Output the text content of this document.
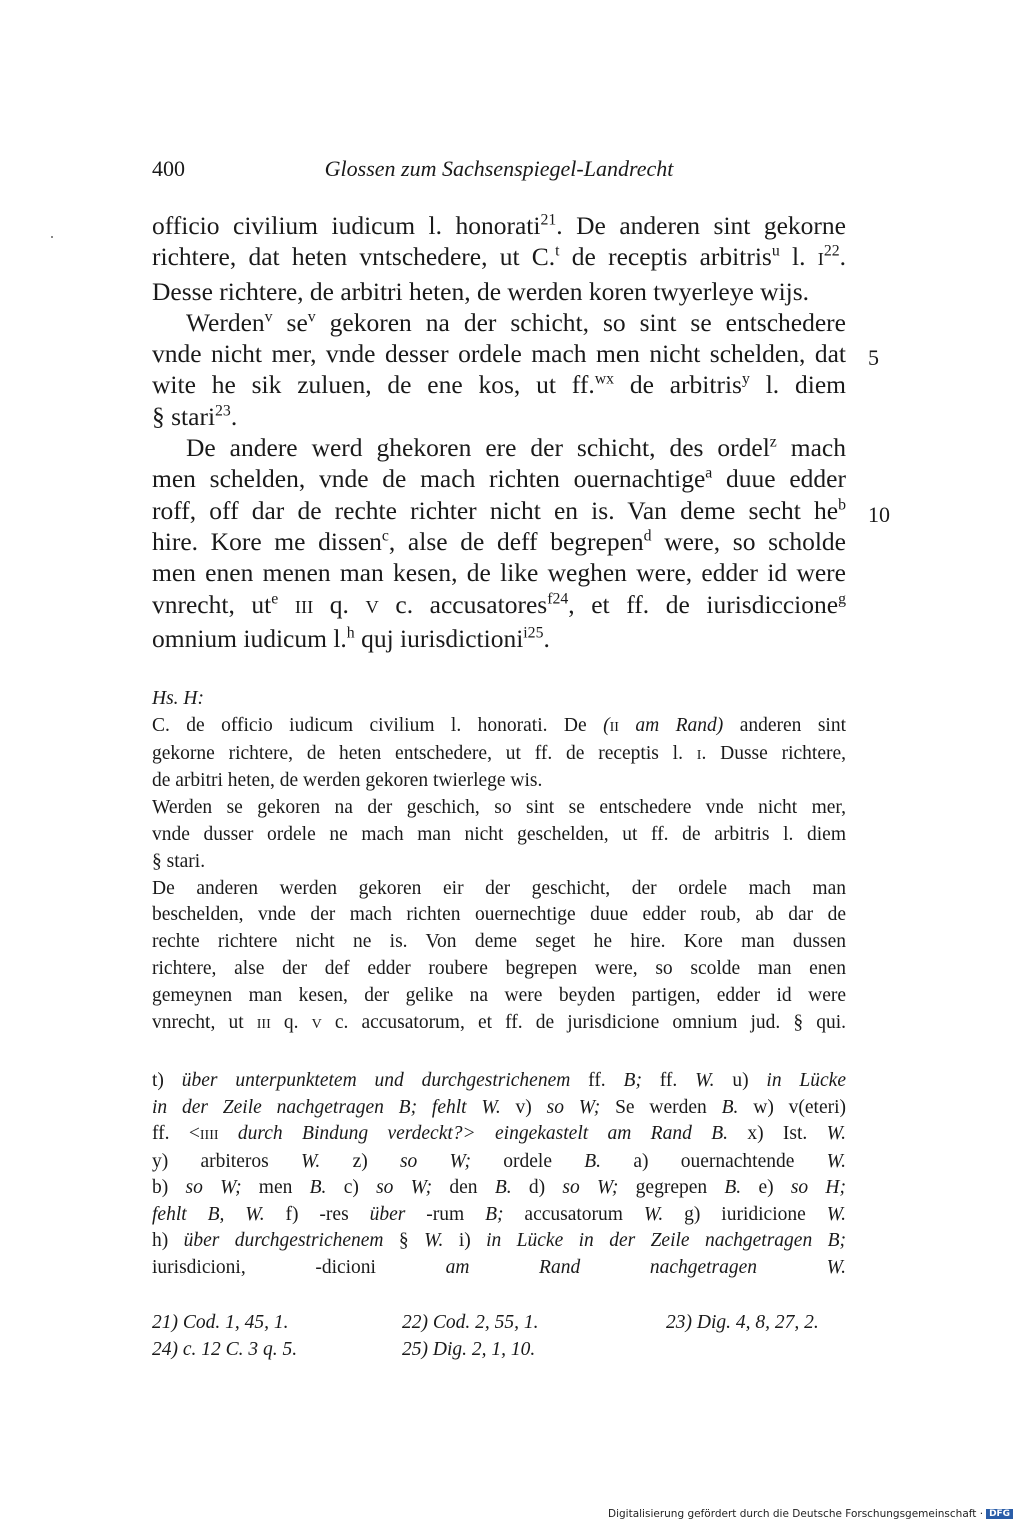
400	Glossen zum Sachsenspiegel-Landrecht
officio civilium iudicum l. honorati$^{21}$. De anderen sint gekorne
richtere, dat heten vntschedere, ut C.$^t$ de receptis arbitris$^u$ l. $I^{22}$.
Desse richtere, de arbitri heten, de werden koren twyerleye wijs.
Werden$^v$ $se^v$ gekoren na der schicht, so sint se entschedere
vnde nicht mer, vnde desser ordele mach men nicht schelden, dat
wite he sik zuluen, de ene kos, ut ff.$^{wx}$ de arbitris$^y$ l. diem
§ stari$^{23}$.
De andere werd ghekoren ere der schicht, des ordel$^z$ mach
men schelden, vnde de mach richten ouernachtige$^a$ duue edder
roff, off dar de rechte richter nicht en is. Van deme secht $he^b$
hire. Kore me dissen$^c$, alse de deff begrepen$^d$ were, so scholde
men enen menen man kesen, de like weghen were, edder id were
vnrecht, $ut^e$ III q. V c. accusatores$^{f24}$, et ff. de iurisdiccione$^g$
omnium iudicum l.$^h$ quj iurisdictioni$^{i25}$.
5
10
Hs. H:
C. de officio iudicum civilium l. honorati. De (II am Rand) anderen sint
gekorne richtere, de heten entschedere, ut ff. de receptis l. I. Dusse richtere,
de arbitri heten, de werden gekoren twierlege wis.
Werden se gekoren na der geschich, so sint se entschedere vnde nicht mer,
vnde dusser ordele ne mach man nicht geschelden, ut ff. de arbitris l. diem
§ stari.
De anderen werden gekoren eir der geschicht, der ordele mach man
beschelden, vnde der mach richten ouernechtige duue edder roub, ab dar de
rechte richtere nicht ne is. Von deme seget he hire. Kore man dussen
richtere, alse der def edder roubere begrepen were, so scolde man enen
gemeynen man kesen, der gelike na were beyden partigen, edder id were
vnrecht, ut III q. V c. accusatorum, et ff. de jurisdicione omnium jud. § qui.
t) über unterpunktetem und durchgestrichenem ff. B; ff. W. u) in Lücke
in der Zeile nachgetragen B; fehlt W. v) so W; Se werden B. w) v(eteri)
ff. <IIII durch Bindung verdeckt?> eingekastelt am Rand B. x) Ist. W.
y) arbiteros W. z) so W; ordele B. a) ouernachtende W.
b) so W; men B. c) so W; den B. d) so W; gegrepen B. e) so H;
fehlt B, W. f) -res über -rum B; accusatorum W. g) iuridicione W.
h) über durchgestrichenem § W. i) in Lücke in der Zeile nachgetragen B;
iurisdicioni, -dicioni am Rand nachgetragen W.
21) Cod. 1, 45, 1.	22) Cod. 2, 55, 1.	23) Dig. 4, 8, 27, 2.
24) c. 12 C. 3 q. 5.	25) Dig. 2, 1, 10.
Digitalisierung gefördert durch die Deutsche Forschungsgemeinschaft · DFG
